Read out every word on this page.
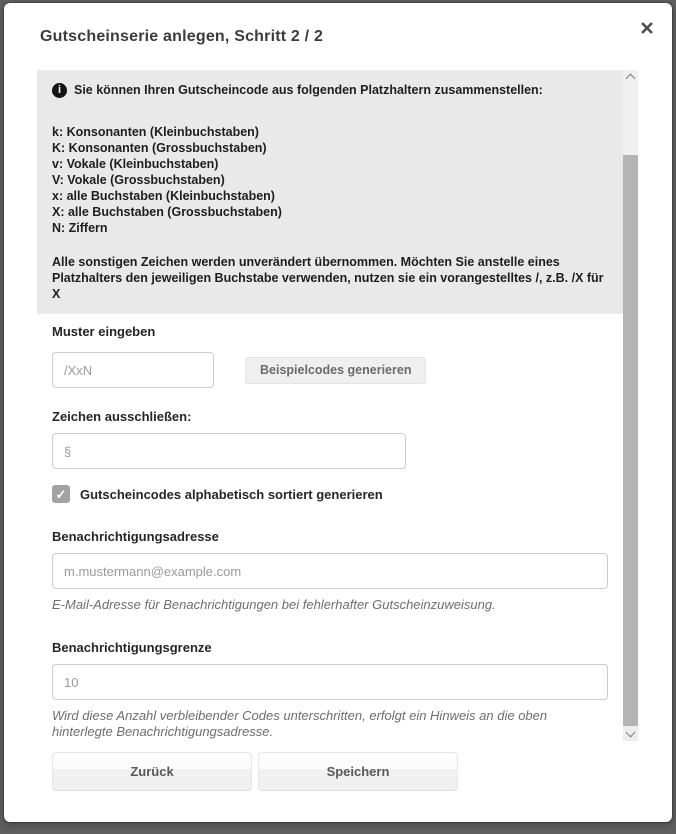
Gutscheinserie anlegen, Schritt 2 / 2
i	Sie können Ihren Gutscheincode aus folgenden Platzhaltern zusammenstellen:
k: Konsonanten (Kleinbuchstaben)
K: Konsonanten (Grossbuchstaben)
v: Vokale (Kleinbuchstaben)
V: Vokale (Grossbuchstaben)
x: alle Buchstaben (Kleinbuchstaben)
X: alle Buchstaben (Grossbuchstaben)
N: Ziffern
Alle sonstigen Zeichen werden unverändert übernommen. Möchten Sie anstelle eines Platzhalters den jeweiligen Buchstabe verwenden, nutzen sie ein vorangestelltes /, z.B. /X für X
Muster eingeben
/XxN
Beispielcodes generieren
Zeichen ausschließen:
§
✓ Gutscheincodes alphabetisch sortiert generieren
Benachrichtigungsadresse
m.mustermann@example.com
E-Mail-Adresse für Benachrichtigungen bei fehlerhafter Gutscheinzuweisung.
Benachrichtigungsgrenze
10
Wird diese Anzahl verbleibender Codes unterschritten, erfolgt ein Hinweis an die oben hinterlegte Benachrichtigungsadresse.
Zurück	Speichern
